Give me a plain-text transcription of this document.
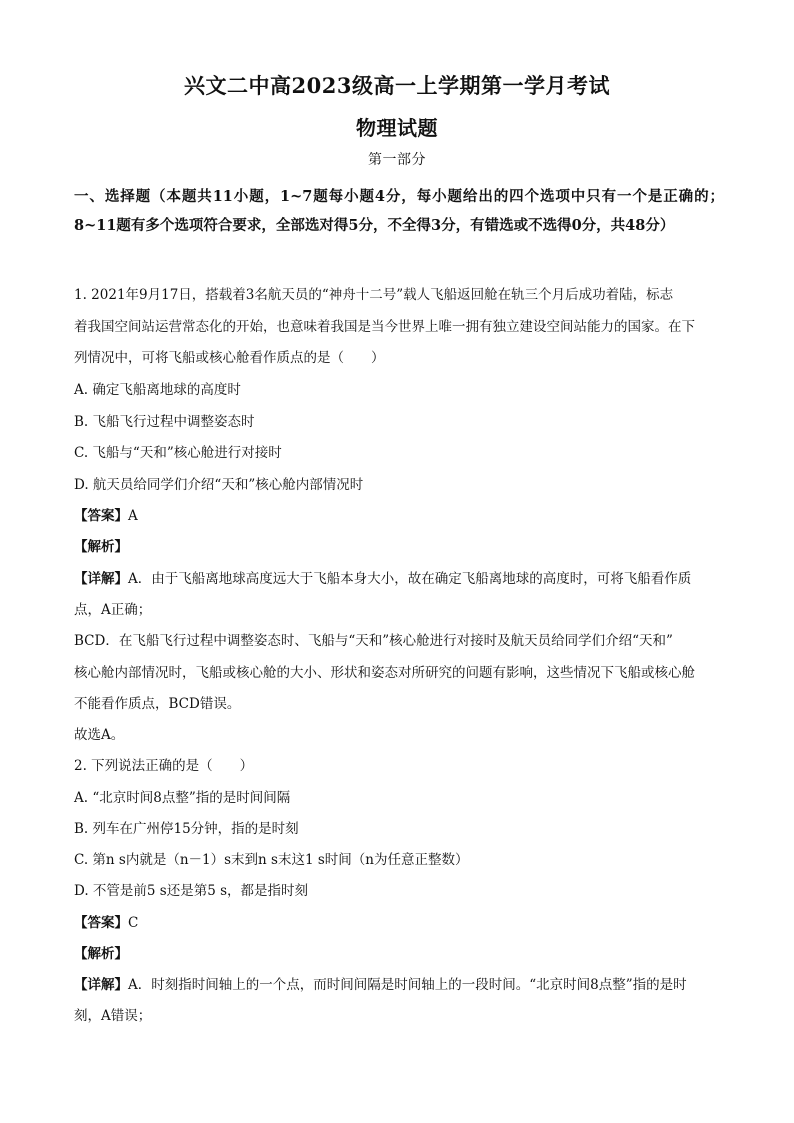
兴文二中高2023级高一上学期第一学月考试
物理试题
第一部分
一、选择题（本题共11小题，1~7题每小题4分，每小题给出的四个选项中只有一个是正确的；8~11题有多个选项符合要求，全部选对得5分，不全得3分，有错选或不选得0分，共48分）
1. 2021年9月17日，搭载着3名航天员的“神舟十二号”载人飞船返回舱在轨三个月后成功着陆，标志
着我国空间站运营常态化的开始，也意味着我国是当今世界上唯一拥有独立建设空间站能力的国家。在下
列情况中，可将飞船或核心舱看作质点的是（　　）
A. 确定飞船离地球的高度时
B. 飞船飞行过程中调整姿态时
C. 飞船与“天和”核心舱进行对接时
D. 航天员给同学们介绍“天和”核心舱内部情况时
【答案】A
【解析】
【详解】A．由于飞船离地球高度远大于飞船本身大小，故在确定飞船离地球的高度时，可将飞船看作质
点，A正确；
BCD．在飞船飞行过程中调整姿态时、飞船与“天和”核心舱进行对接时及航天员给同学们介绍“天和”
核心舱内部情况时，飞船或核心舱的大小、形状和姿态对所研究的问题有影响，这些情况下飞船或核心舱
不能看作质点，BCD错误。
故选A。
2. 下列说法正确的是（　　）
A. “北京时间8点整”指的是时间间隔
B. 列车在广州停15分钟，指的是时刻
C. 第n s内就是（n－1）s末到n s末这1 s时间（n为任意正整数）
D. 不管是前5 s还是第5 s，都是指时刻
【答案】C
【解析】
【详解】A．时刻指时间轴上的一个点，而时间间隔是时间轴上的一段时间。“北京时间8点整”指的是时
刻，A错误；
